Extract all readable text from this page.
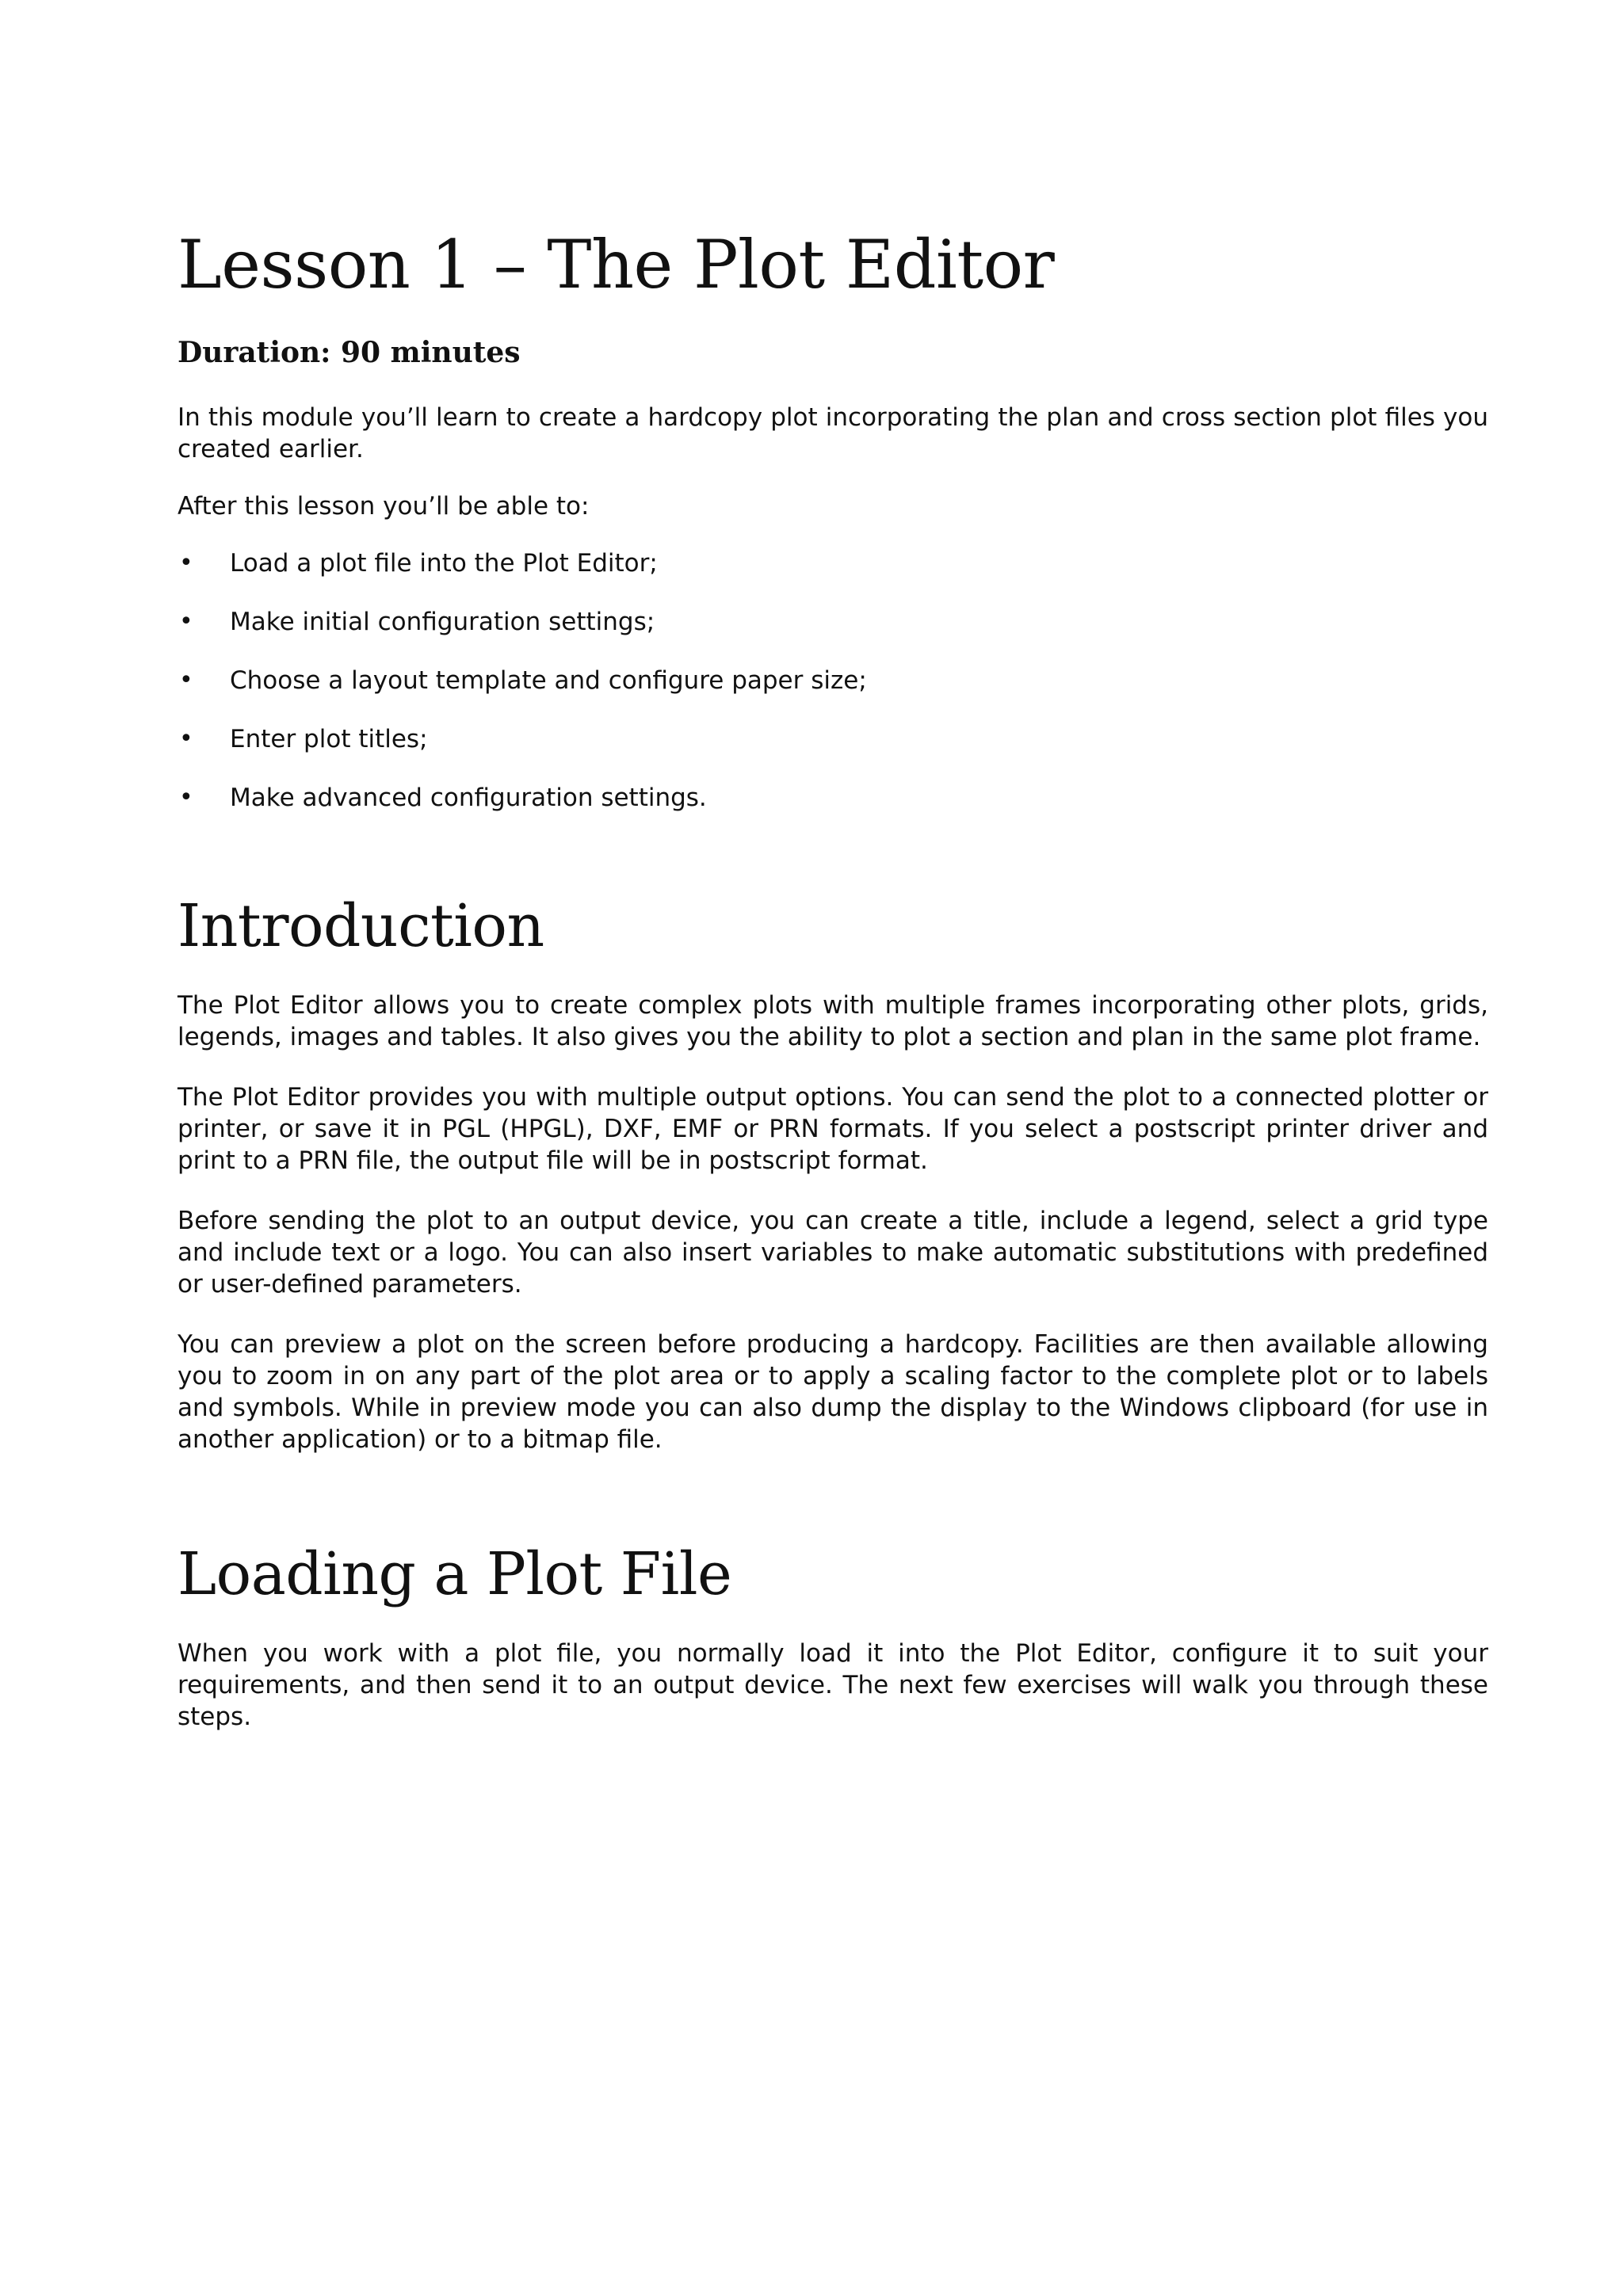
Lesson 1 – The Plot Editor

Duration: 90 minutes

In this module you’ll learn to create a hardcopy plot incorporating the plan and cross section plot files you created earlier.

After this lesson you’ll be able to:

• Load a plot file into the Plot Editor;
• Make initial configuration settings;
• Choose a layout template and configure paper size;
• Enter plot titles;
• Make advanced configuration settings.
Introduction

The Plot Editor allows you to create complex plots with multiple frames incorporating other plots, grids, legends, images and tables. It also gives you the ability to plot a section and plan in the same plot frame.

The Plot Editor provides you with multiple output options. You can send the plot to a connected plotter or printer, or save it in PGL (HPGL), DXF, EMF or PRN formats. If you select a postscript printer driver and print to a PRN file, the output file will be in postscript format.

Before sending the plot to an output device, you can create a title, include a legend, select a grid type and include text or a logo. You can also insert variables to make automatic substitutions with predefined or user-defined parameters.

You can preview a plot on the screen before producing a hardcopy. Facilities are then available allowing you to zoom in on any part of the plot area or to apply a scaling factor to the complete plot or to labels and symbols. While in preview mode you can also dump the display to the Windows clipboard (for use in another application) or to a bitmap file.

Loading a Plot File

When you work with a plot file, you normally load it into the Plot Editor, configure it to suit your requirements, and then send it to an output device. The next few exercises will walk you through these steps.
